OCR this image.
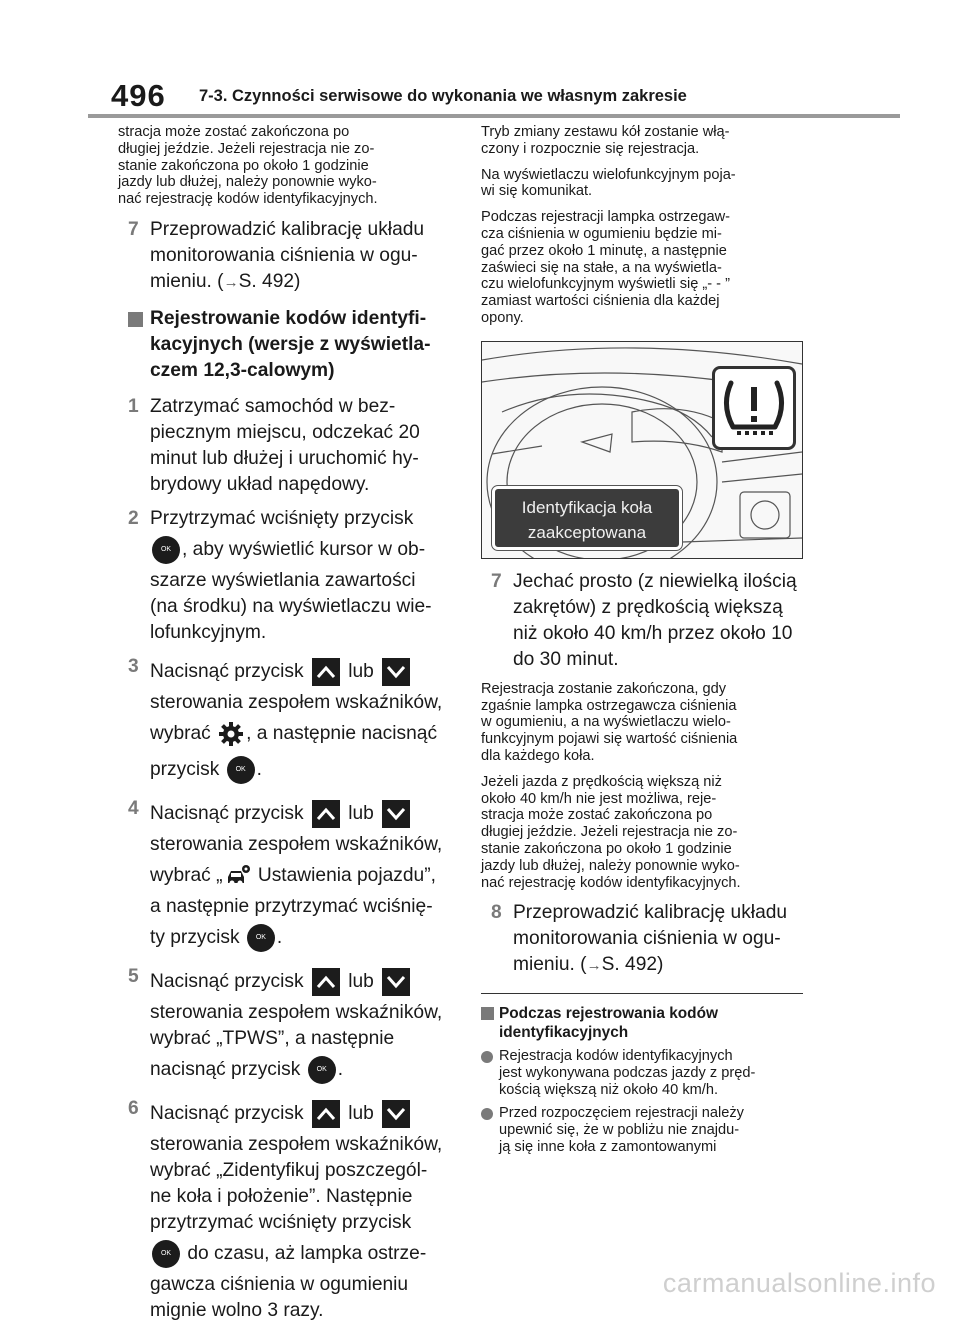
496 7-3. Czynności serwisowe do wykonania we własnym zakresie
stracja może zostać zakończona po
długiej jeździe. Jeżeli rejestracja nie zo-
stanie zakończona po około 1 godzinie
jazdy lub dłużej, należy ponownie wyko-
nać rejestrację kodów identyfikacyjnych.
7 Przeprowadzić kalibrację układu
monitorowania ciśnienia w ogu-
mieniu. (→S. 492)
Rejestrowanie kodów identyfi-
kacyjnych (wersje z wyświetla-
czem 12,3-calowym)
1 Zatrzymać samochód w bez-
piecznym miejscu, odczekać 20
minut lub dłużej i uruchomić hy-
brydowy układ napędowy.
2 Przytrzymać wciśnięty przycisk
OK , aby wyświetlić kursor w ob-
szarze wyświetlania zawartości
(na środku) na wyświetlaczu wie-
lofunkcyjnym.
3 Nacisnąć przycisk lub
sterowania zespołem wskaźników,
wybrać , a następnie nacisnąć
przycisk OK .
4 Nacisnąć przycisk lub
sterowania zespołem wskaźników,
wybrać „
Ustawienia pojazdu”,
a następnie przytrzymać wciśnię-
ty przycisk OK .
5 Nacisnąć przycisk lub
sterowania zespołem wskaźników,
wybrać „TPWS”, a następnie
nacisnąć przycisk OK .
6 Nacisnąć przycisk lub
sterowania zespołem wskaźników,
wybrać „Zidentyfikuj poszczegól-
ne koła i położenie”. Następnie
przytrzymać wciśnięty przycisk
OK do czasu, aż lampka ostrze-
gawcza ciśnienia w ogumieniu
mignie wolno 3 razy.
Tryb zmiany zestawu kół zostanie włą-
czony i rozpocznie się rejestracja.
Na wyświetlaczu wielofunkcyjnym poja-
wi się komunikat.
Podczas rejestracji lampka ostrzegaw-
cza ciśnienia w ogumieniu będzie mi-
gać przez około 1 minutę, a następnie
zaświeci się na stałe, a na wyświetla-
czu wielofunkcyjnym wyświetli się „- - ”
zamiast wartości ciśnienia dla każdej
opony.
Identyfikacja koła
zaakceptowana
7 Jechać prosto (z niewielką ilością
zakrętów) z prędkością większą
niż około 40 km/h przez około 10
do 30 minut.
Rejestracja zostanie zakończona, gdy
zgaśnie lampka ostrzegawcza ciśnienia
w ogumieniu, a na wyświetlaczu wielo-
funkcyjnym pojawi się wartość ciśnienia
dla każdego koła.
Jeżeli jazda z prędkością większą niż
około 40 km/h nie jest możliwa, reje-
stracja może zostać zakończona po
długiej jeździe. Jeżeli rejestracja nie zo-
stanie zakończona po około 1 godzinie
jazdy lub dłużej, należy ponownie wyko-
nać rejestrację kodów identyfikacyjnych.
8 Przeprowadzić kalibrację układu
monitorowania ciśnienia w ogu-
mieniu. (→S. 492)
Podczas rejestrowania kodów
identyfikacyjnych
Rejestracja kodów identyfikacyjnych
jest wykonywana podczas jazdy z pręd-
kością większą niż około 40 km/h.
Przed rozpoczęciem rejestracji należy
upewnić się, że w pobliżu nie znajdu-
ją się inne koła z zamontowanymi
carmanualsonline.info
